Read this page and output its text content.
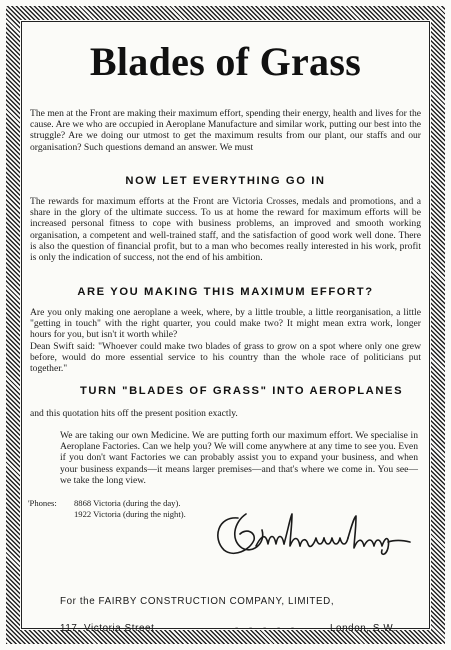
Blades of Grass

The men at the Front are making their maximum effort, spending their energy, health and lives for the cause. Are we who are occupied in Aeroplane Manufacture and similar work, putting our best into the struggle? Are we doing our utmost to get the maximum results from our plant, our staffs and our organisation? Such questions demand an answer. We must

NOW LET EVERYTHING GO IN

The rewards for maximum efforts at the Front are Victoria Crosses, medals and promotions, and a share in the glory of the ultimate success. To us at home the reward for maximum efforts will be increased personal fitness to cope with business problems, an improved and smooth working organisation, a competent and well-trained staff, and the satisfaction of good work well done. There is also the question of financial profit, but to a man who becomes really interested in his work, profit is only the indication of success, not the end of his ambition.

ARE YOU MAKING THIS MAXIMUM EFFORT?

Are you only making one aeroplane a week, where, by a little trouble, a little reorganisation, a little "getting in touch" with the right quarter, you could make two? It might mean extra work, longer hours for you, but isn't it worth while?

Dean Swift said: "Whoever could make two blades of grass to grow on a spot where only one grew before, would do more essential service to his country than the whole race of politicians put together."

TURN "BLADES OF GRASS" INTO AEROPLANES

and this quotation hits off the present position exactly.

We are taking our own Medicine. We are putting forth our maximum effort. We specialise in Aeroplane Factories. Can we help you? We will come anywhere at any time to see you. Even if you don't want Factories we can probably assist you to expand your business, and when your business expands—it means larger premises—and that's where we come in. You see—we take the long view.

'Phones: 8868 Victoria (during the day).
1922 Victoria (during the night).
For the FAIRBY CONSTRUCTION COMPANY, LIMITED,
117, Victoria Street	- - - - -	London, S.W.
